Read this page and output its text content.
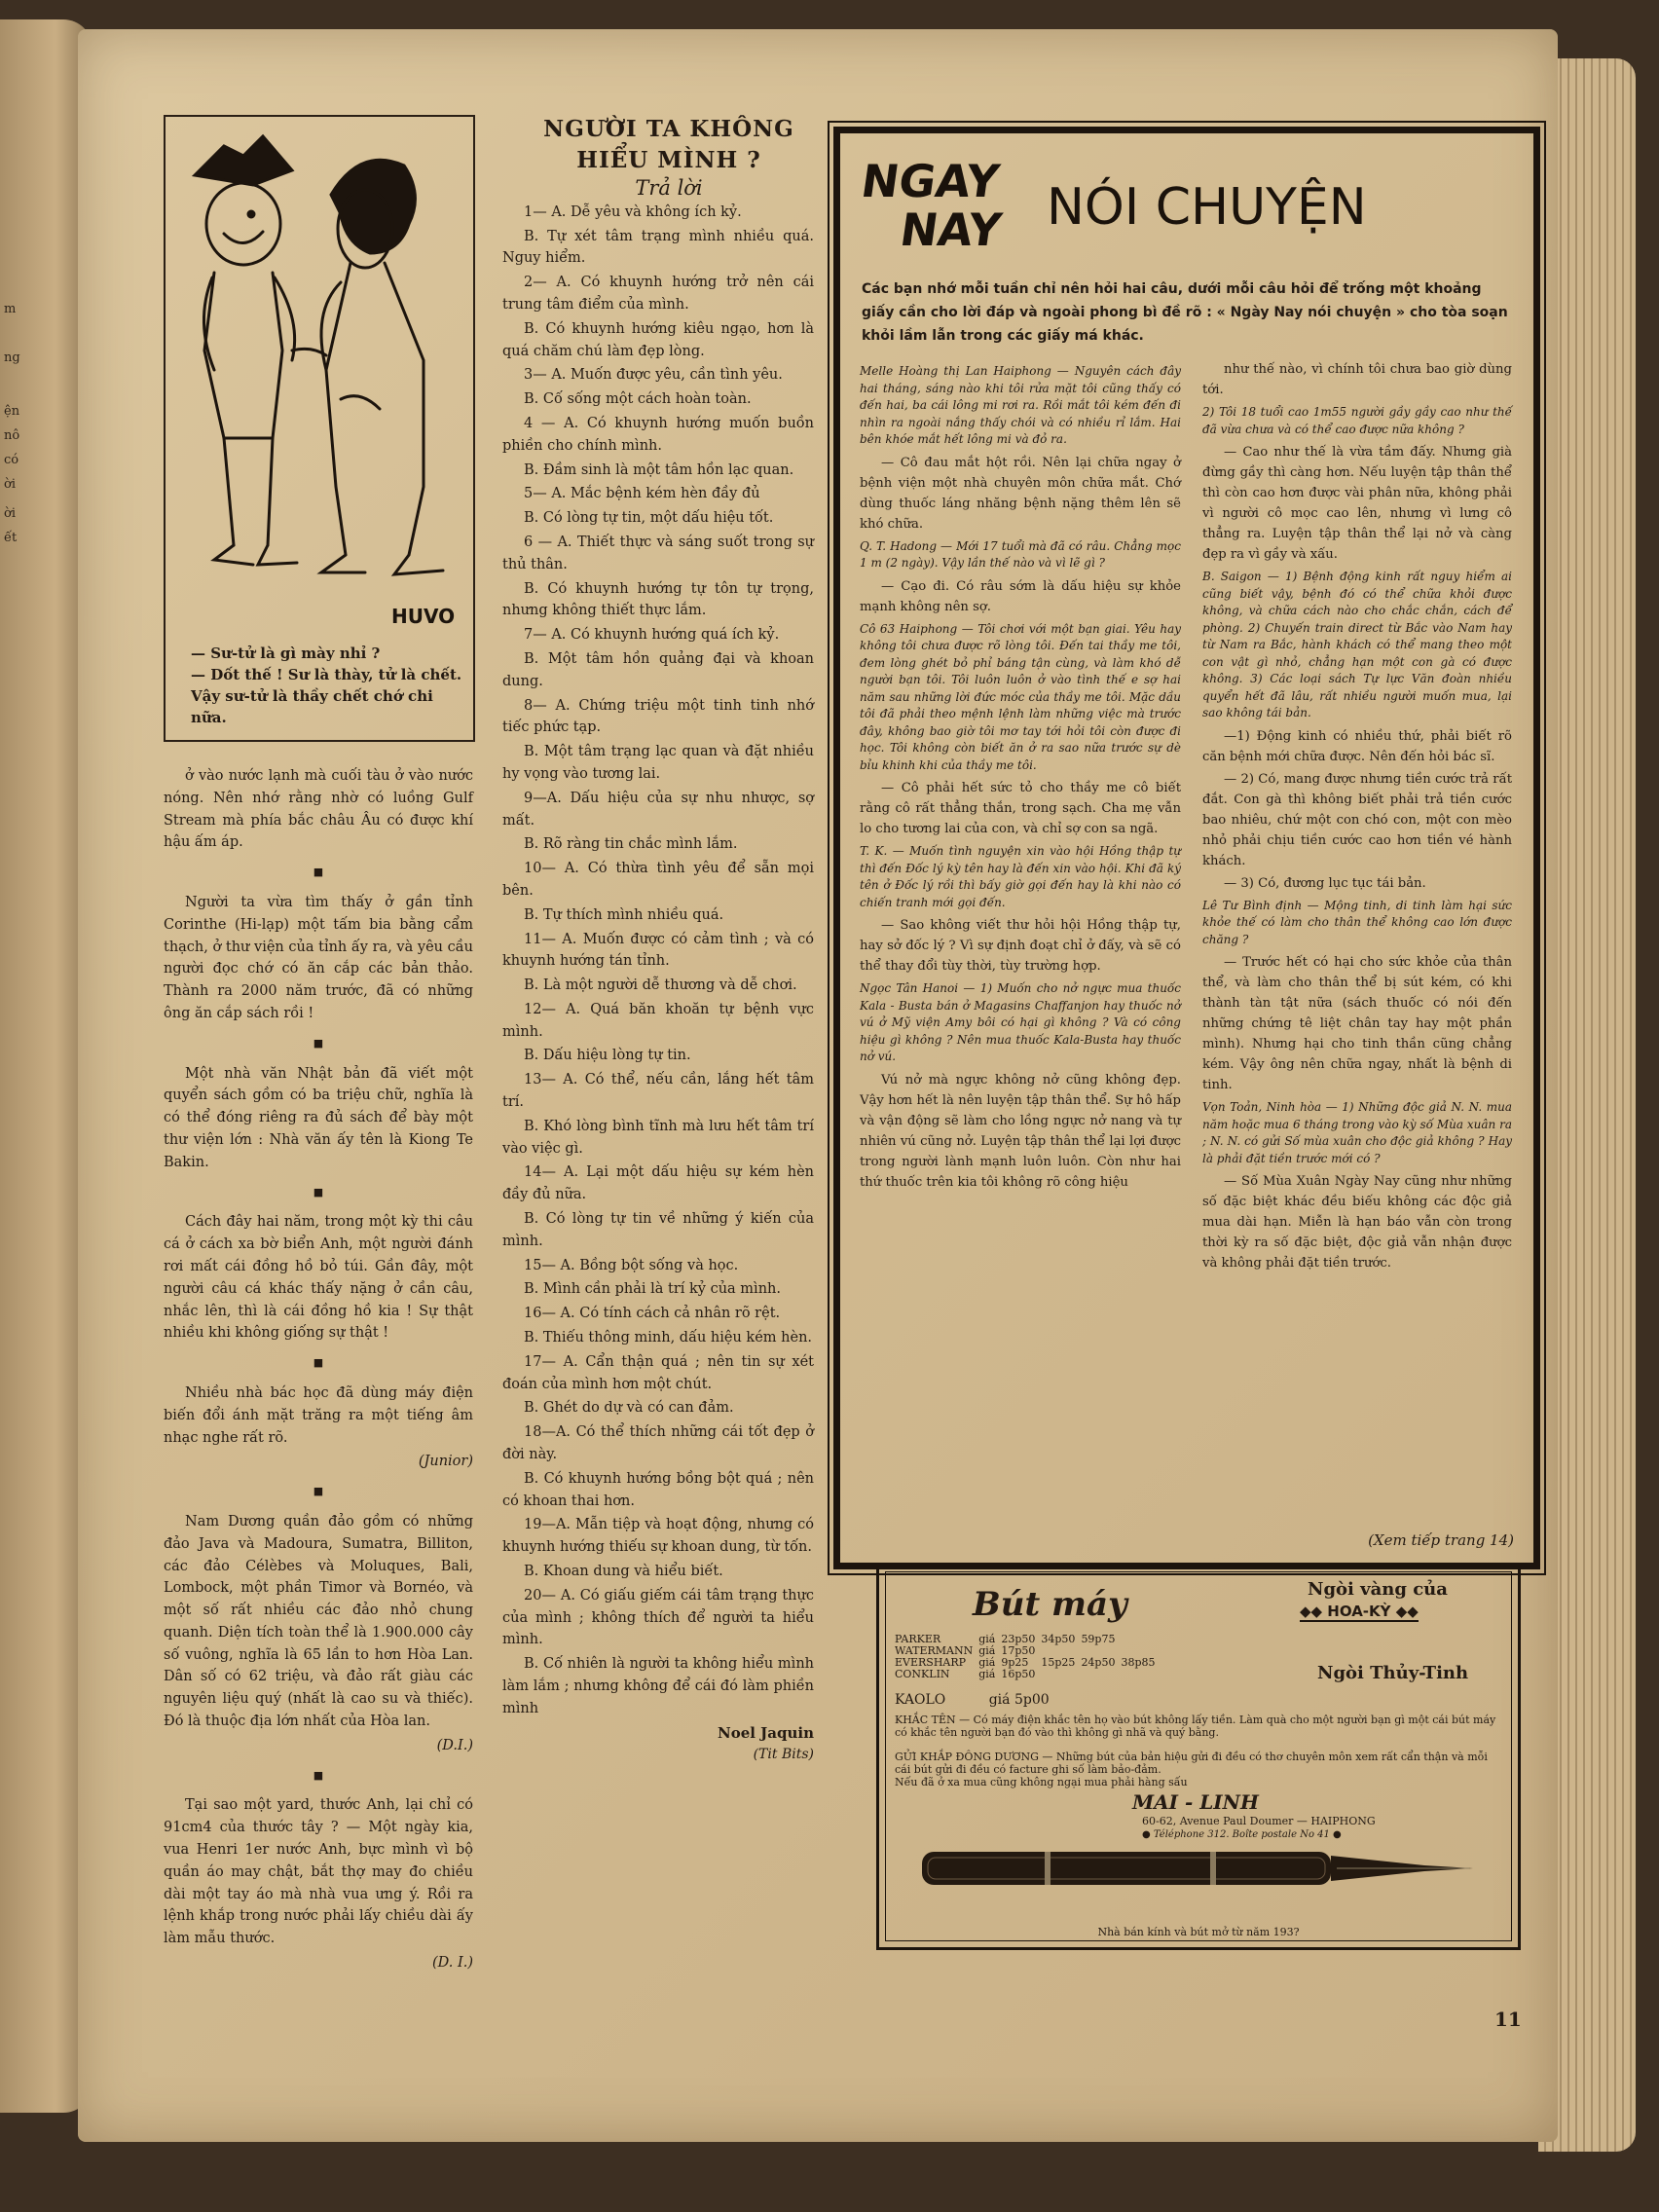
m
ng
ện
nô
có
ời
ời
ết
HUVO

— Sư-tử là gì mày nhỉ ?

— Dốt thế ! Sư là thày, tử là chết. Vậy sư-tử là thầy chết chớ chi nữa.

ở vào nước lạnh mà cuối tàu ở vào nước nóng. Nên nhớ rằng nhờ có luồng Gulf Stream mà phía bắc châu Âu có được khí hậu ấm áp.

■

Người ta vừa tìm thấy ở gần tỉnh Corinthe (Hi-lạp) một tấm bia bằng cẩm thạch, ở thư viện của tỉnh ấy ra, và yêu cầu người đọc chớ có ăn cắp các bản thảo. Thành ra 2000 năm trước, đã có những ông ăn cắp sách rồi !

■

Một nhà văn Nhật bản đã viết một quyển sách gồm có ba triệu chữ, nghĩa là có thể đóng riêng ra đủ sách để bày một thư viện lớn : Nhà văn ấy tên là Kiong Te Bakin.

■

Cách đây hai năm, trong một kỳ thi câu cá ở cách xa bờ biển Anh, một người đánh rơi mất cái đồng hồ bỏ túi. Gần đây, một người câu cá khác thấy nặng ở cần câu, nhắc lên, thì là cái đồng hồ kia ! Sự thật nhiều khi không giống sự thật !

■

Nhiều nhà bác học đã dùng máy điện biến đổi ánh mặt trăng ra một tiếng âm nhạc nghe rất rõ.

(Junior)

■

Nam Dương quần đảo gồm có những đảo Java và Madoura, Sumatra, Billiton, các đảo Célèbes và Moluques, Bali, Lombock, một phần Timor và Bornéo, và một số rất nhiều các đảo nhỏ chung quanh. Diện tích toàn thể là 1.900.000 cây số vuông, nghĩa là 65 lần to hơn Hòa Lan. Dân số có 62 triệu, và đảo rất giàu các nguyên liệu quý (nhất là cao su và thiếc). Đó là thuộc địa lớn nhất của Hòa lan.

(D.I.)

■

Tại sao một yard, thước Anh, lại chỉ có 91cm4 của thước tây ? — Một ngày kia, vua Henri 1er nước Anh, bực mình vì bộ quần áo may chật, bắt thợ may đo chiều dài một tay áo mà nhà vua ưng ý. Rồi ra lệnh khắp trong nước phải lấy chiều dài ấy làm mẫu thước.

(D. I.)

NGƯỜI TA KHÔNG

HIỂU MÌNH ?

Trả lời

1— A. Dễ yêu và không ích kỷ.

B. Tự xét tâm trạng mình nhiều quá. Nguy hiểm.

2— A. Có khuynh hướng trở nên cái trung tâm điểm của mình.

B. Có khuynh hướng kiêu ngạo, hơn là quá chăm chú làm đẹp lòng.

3— A. Muốn được yêu, cần tình yêu.

B. Cố sống một cách hoàn toàn.

4 — A. Có khuynh hướng muốn buồn phiền cho chính mình.

B. Đầm sinh là một tâm hồn lạc quan.

5— A. Mắc bệnh kém hèn đầy đủ

B. Có lòng tự tin, một dấu hiệu tốt.

6 — A. Thiết thực và sáng suốt trong sự thủ thân.

B. Có khuynh hướng tự tôn tự trọng, nhưng không thiết thực lắm.

7— A. Có khuynh hướng quá ích kỷ.

B. Một tâm hồn quảng đại và khoan dung.

8— A. Chứng triệu một tinh tinh nhớ tiếc phức tạp.

B. Một tâm trạng lạc quan và đặt nhiều hy vọng vào tương lai.

9—A. Dấu hiệu của sự nhu nhược, sợ mất.

B. Rõ ràng tin chắc mình lắm.

10— A. Có thừa tình yêu để sẵn mọi bên.

B. Tự thích mình nhiều quá.

11— A. Muốn được có cảm tình ; và có khuynh hướng tán tỉnh.

B. Là một người dễ thương và dễ chơi.

12— A. Quá băn khoăn tự bệnh vực mình.

B. Dấu hiệu lòng tự tin.

13— A. Có thể, nếu cần, lắng hết tâm trí.

B. Khó lòng bình tĩnh mà lưu hết tâm trí vào việc gì.

14— A. Lại một dấu hiệu sự kém hèn đầy đủ nữa.

B. Có lòng tự tin về những ý kiến của mình.

15— A. Bồng bột sống và học.

B. Mình cần phải là trí kỷ của mình.

16— A. Có tính cách cả nhân rõ rệt.

B. Thiếu thông minh, dấu hiệu kém hèn.

17— A. Cẩn thận quá ; nên tin sự xét đoán của mình hơn một chút.

B. Ghét do dự và có can đảm.

18—A. Có thể thích những cái tốt đẹp ở đời này.

B. Có khuynh hướng bồng bột quá ; nên có khoan thai hơn.

19—A. Mẫn tiệp và hoạt động, nhưng có khuynh hướng thiếu sự khoan dung, từ tốn.

B. Khoan dung và hiểu biết.

20— A. Có giấu giếm cái tâm trạng thực của mình ; không thích để người ta hiểu mình.

B. Cố nhiên là người ta không hiểu mình làm lắm ; nhưng không để cái đó làm phiền mình

Noel Jaquin
(Tit Bits)
NGAY
NAY NÓI CHUYỆN
Các bạn nhớ mỗi tuần chỉ nên hỏi hai câu, dưới mỗi câu hỏi để trống một khoảng giấy cần cho lời đáp và ngoài phong bì đề rõ : « Ngày Nay nói chuyện » cho tòa soạn khỏi lầm lẫn trong các giấy má khác.

Melle Hoàng thị Lan Haiphong — Nguyên cách đây hai tháng, sáng nào khi tôi rửa mặt tôi cũng thấy có đến hai, ba cái lông mi rơi ra. Rồi mắt tôi kém đến đi nhìn ra ngoài nắng thấy chói và có nhiều rỉ lắm. Hai bên khóe mắt hết lông mi và đỏ ra.

— Cô đau mắt hột rồi. Nên lại chữa ngay ở bệnh viện một nhà chuyên môn chữa mắt. Chớ dùng thuốc láng nhăng bệnh nặng thêm lên sẽ khó chữa.

Q. T. Hadong — Mới 17 tuổi mà đã có râu. Chẳng mọc 1 m (2 ngày). Vậy lần thế nào và vì lẽ gì ?

— Cạo đi. Có râu sớm là dấu hiệu sự khỏe mạnh không nên sợ.

Cô 63 Haiphong — Tôi chơi với một bạn giai. Yêu hay không tôi chưa được rõ lòng tôi. Đến tai thầy me tôi, đem lòng ghét bỏ phỉ báng tận cùng, và làm khó dễ người bạn tôi. Tôi luôn luôn ở vào tình thế e sợ hai năm sau những lời đức móc của thầy me tôi. Mặc dầu tôi đã phải theo mệnh lệnh làm những việc mà trước đây, không bao giờ tôi mơ tay tới hỏi tôi còn được đi học. Tôi không còn biết ăn ở ra sao nữa trước sự dè bỉu khinh khi của thầy me tôi.

— Cô phải hết sức tỏ cho thầy me cô biết rằng cô rất thẳng thắn, trong sạch. Cha mẹ vẫn lo cho tương lai của con, và chỉ sợ con sa ngã.

T. K. — Muốn tình nguyện xin vào hội Hồng thập tự thì đến Đốc lý kỳ tên hay là đến xin vào hội. Khi đã ký tên ở Đốc lý rồi thì bấy giờ gọi đến hay là khi nào có chiến tranh mới gọi đến.

— Sao không viết thư hỏi hội Hồng thập tự, hay sở đốc lý ? Vì sự định đoạt chỉ ở đấy, và sẽ có thể thay đổi tùy thời, tùy trường hợp.

Ngọc Tân Hanoi — 1) Muốn cho nở ngực mua thuốc Kala - Busta bán ở Magasins Chaffanjon hay thuốc nở vú ở Mỹ viện Amy bôi có hại gì không ? Và có công hiệu gì không ? Nên mua thuốc Kala-Busta hay thuốc nở vú.

Vú nở mà ngực không nở cũng không đẹp. Vậy hơn hết là nên luyện tập thân thể. Sự hô hấp và vận động sẽ làm cho lồng ngực nở nang và tự nhiên vú cũng nở. Luyện tập thân thể lại lợi được trong người lành mạnh luôn luôn. Còn như hai thứ thuốc trên kia tôi không rõ công hiệu

như thế nào, vì chính tôi chưa bao giờ dùng tới.

2) Tôi 18 tuổi cao 1m55 người gầy gầy cao như thế đã vừa chưa và có thể cao được nữa không ?

— Cao như thế là vừa tầm đấy. Nhưng già đừng gầy thì càng hơn. Nếu luyện tập thân thể thì còn cao hơn được vài phân nữa, không phải vì người cô mọc cao lên, nhưng vì lưng cô thẳng ra. Luyện tập thân thể lại nở và càng đẹp ra vì gầy và xấu.

B. Saigon — 1) Bệnh động kinh rất nguy hiểm ai cũng biết vậy, bệnh đó có thể chữa khỏi được không, và chữa cách nào cho chắc chắn, cách để phòng. 2) Chuyến train direct từ Bắc vào Nam hay từ Nam ra Bắc, hành khách có thể mang theo một con vật gì nhỏ, chẳng hạn một con gà có được không. 3) Các loại sách Tự lực Văn đoàn nhiều quyển hết đã lâu, rất nhiều người muốn mua, lại sao không tái bản.

—1) Động kinh có nhiều thứ, phải biết rõ căn bệnh mới chữa được. Nên đến hỏi bác sĩ.

— 2) Có, mang được nhưng tiền cước trả rất đắt. Con gà thì không biết phải trả tiền cước bao nhiêu, chứ một con chó con, một con mèo nhỏ phải chịu tiền cước cao hơn tiền vé hành khách.

— 3) Có, đương lục tục tái bản.

Lê Tư Bình định — Mộng tinh, di tinh làm hại sức khỏe thế có làm cho thân thể không cao lớn được chăng ?

— Trước hết có hại cho sức khỏe của thân thể, và làm cho thân thể bị sút kém, có khi thành tàn tật nữa (sách thuốc có nói đến những chứng tê liệt chân tay hay một phần mình). Nhưng hại cho tinh thần cũng chẳng kém. Vậy ông nên chữa ngay, nhất là bệnh di tinh.

Vọn Toản, Ninh hòa — 1) Những độc giả N. N. mua năm hoặc mua 6 tháng trong vào kỳ số Mùa xuân ra ; N. N. có gửi Số mùa xuân cho độc giả không ? Hay là phải đặt tiền trước mới có ?

— Số Mùa Xuân Ngày Nay cũng như những số đặc biệt khác đều biếu không các độc giả mua dài hạn. Miễn là hạn báo vẫn còn trong thời kỳ ra số đặc biệt, độc giả vẫn nhận được và không phải đặt tiền trước.

(Xem tiếp trang 14)
Bút máy	Ngòi vàng của
◆◆ HOA-KỲ ◆◆
Ngòi Thủy-Tinh
PARKER	giá	23p50	34p50	59p75	
WATERMANN	giá	17p50			
EVERSHARP	giá	9p25	15p25	24p50	38p85
CONKLIN	giá	16p50			
KAOLO	giá 5p00
KHẮC TÊN — Có máy điện khắc tên họ vào bút không lấy tiền. Làm quà cho một người bạn gì một cái bút máy có khắc tên người bạn đó vào thì không gì nhã và quý bằng.
GỬI KHẮP ĐÔNG DƯƠNG — Những bút của bản hiệu gửi đi đều có thơ chuyên môn xem rất cẩn thận và mỗi cái bút gửi đi đều có facture ghi số làm bảo-đảm.
Nếu đã ở xa mua cũng không ngại mua phải hàng sấu
MAI - LINH
60-62, Avenue Paul Doumer — HAIPHONG
● Téléphone 312. Boîte postale No 41 ●
Nhà bán kính và bút mở từ năm 193?
11
